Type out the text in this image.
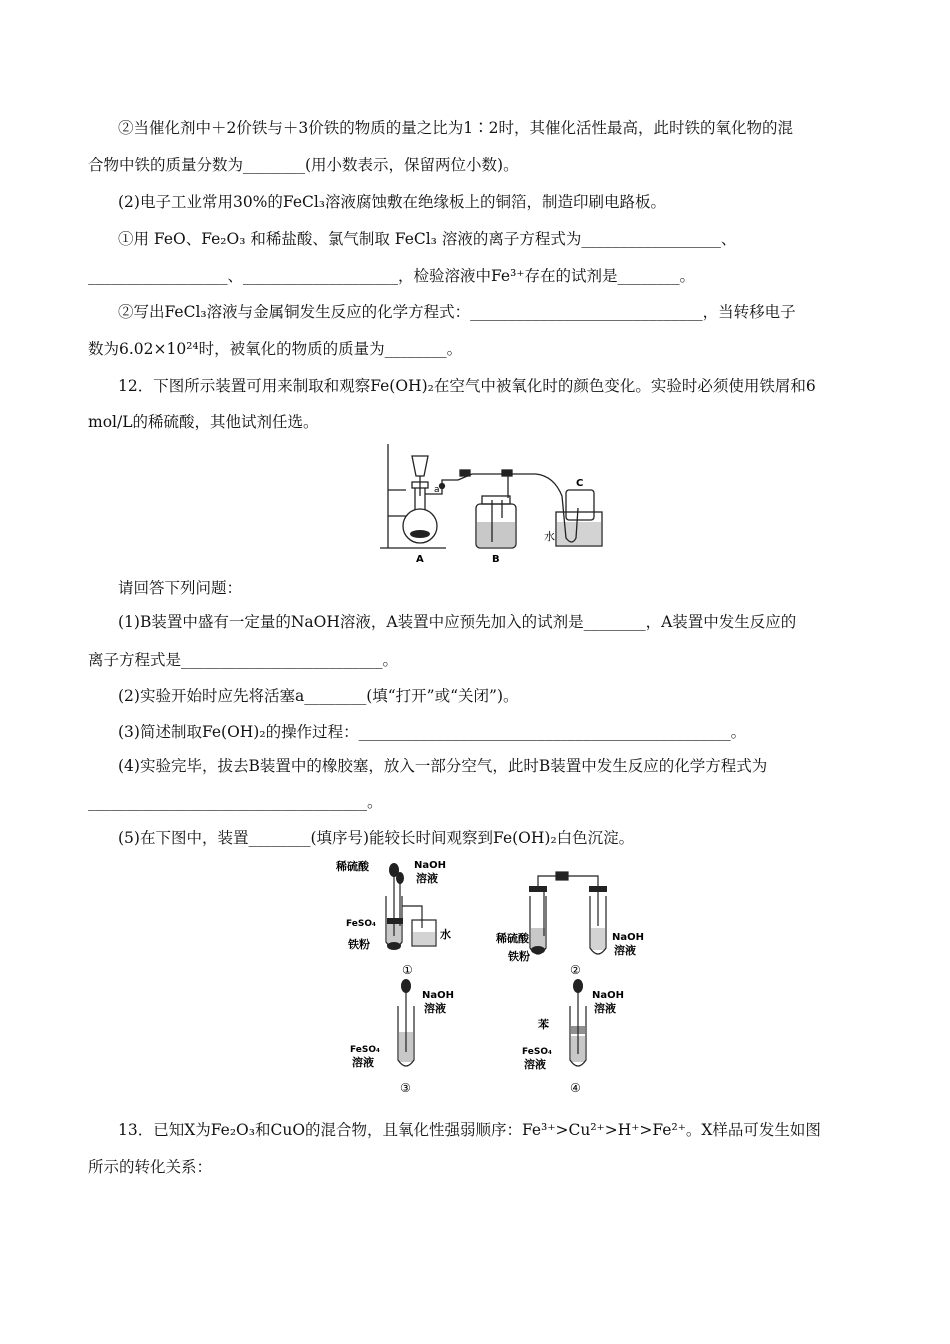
②当催化剂中＋2价铁与＋3价铁的物质的量之比为1∶2时，其催化活性最高，此时铁的氧化物的混
合物中铁的质量分数为________(用小数表示，保留两位小数)。
(2)电子工业常用30%的FeCl₃溶液腐蚀敷在绝缘板上的铜箔，制造印刷电路板。
①用 FeO、Fe₂O₃ 和稀盐酸、氯气制取 FeCl₃ 溶液的离子方程式为__________________、
__________________、____________________，检验溶液中Fe³⁺存在的试剂是________。
②写出FeCl₃溶液与金属铜发生反应的化学方程式：______________________________，当转移电子
数为6.02×10²⁴时，被氧化的物质的质量为________。
12．下图所示装置可用来制取和观察Fe(OH)₂在空气中被氧化时的颜色变化。实验时必须使用铁屑和6
mol/L的稀硫酸，其他试剂任选。
a
A	B
C
水
请回答下列问题：
(1)B装置中盛有一定量的NaOH溶液，A装置中应预先加入的试剂是________，A装置中发生反应的
离子方程式是__________________________。
(2)实验开始时应先将活塞a________(填“打开”或“关闭”)。
(3)简述制取Fe(OH)₂的操作过程：________________________________________________。
(4)实验完毕，拔去B装置中的橡胶塞，放入一部分空气，此时B装置中发生反应的化学方程式为
____________________________________。
(5)在下图中，装置________(填序号)能较长时间观察到Fe(OH)₂白色沉淀。
稀硫酸	NaOH
溶液
FeSO₄
铁粉
水
①
稀硫酸
铁粉
NaOH
溶液
②
NaOH
溶液
FeSO₄
溶液
③
NaOH
溶液
苯
FeSO₄
溶液
④
13．已知X为Fe₂O₃和CuO的混合物，且氧化性强弱顺序：Fe³⁺>Cu²⁺>H⁺>Fe²⁺。X样品可发生如图
所示的转化关系：
